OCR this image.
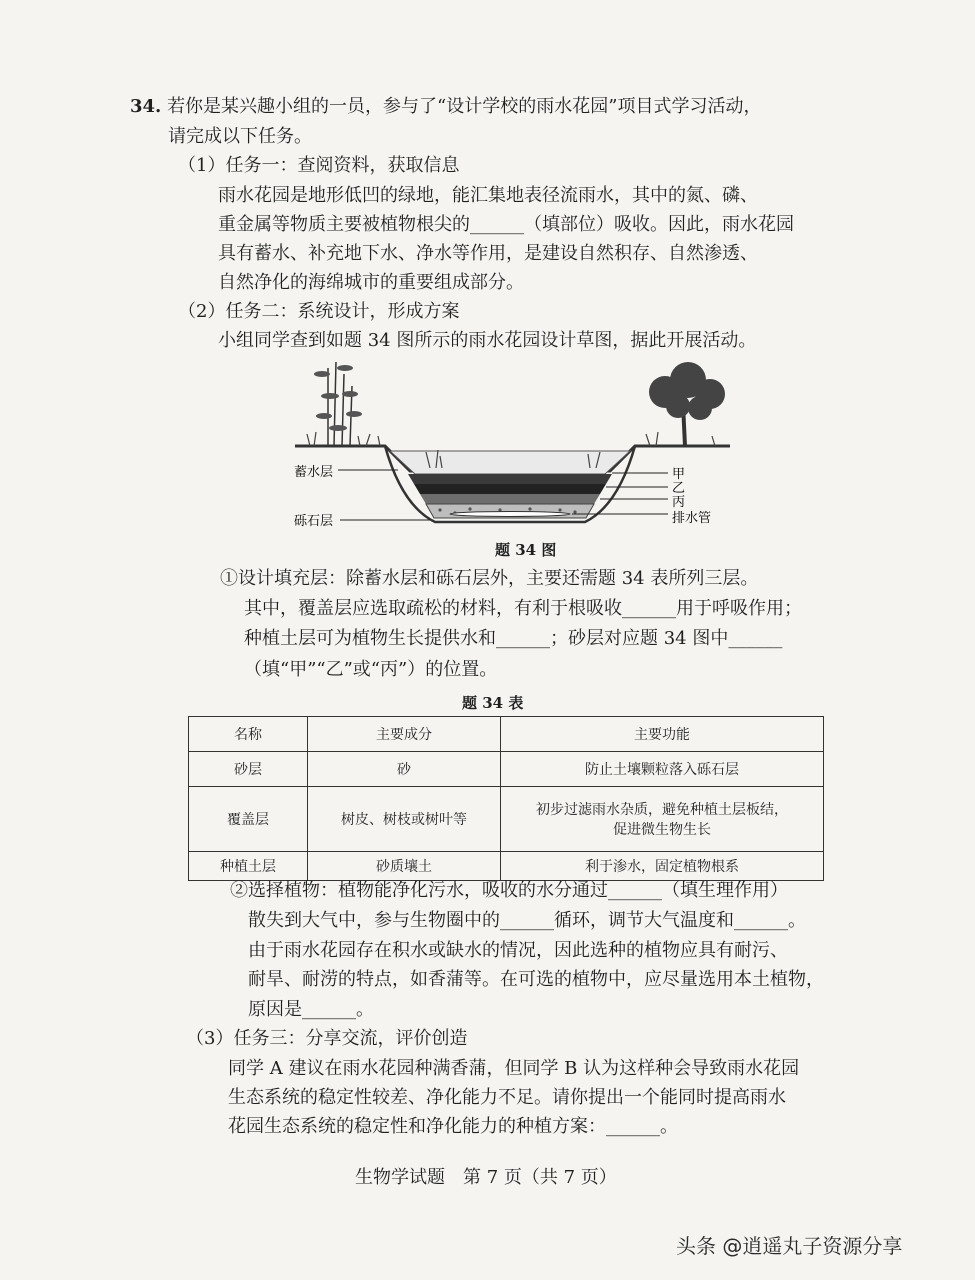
34. 若你是某兴趣小组的一员，参与了“设计学校的雨水花园”项目式学习活动，
请完成以下任务。
（1）任务一：查阅资料，获取信息
雨水花园是地形低凹的绿地，能汇集地表径流雨水，其中的氮、磷、
重金属等物质主要被植物根尖的______（填部位）吸收。因此，雨水花园
具有蓄水、补充地下水、净水等作用，是建设自然积存、自然渗透、
自然净化的海绵城市的重要组成部分。
（2）任务二：系统设计，形成方案
小组同学查到如题 34 图所示的雨水花园设计草图，据此开展活动。
蓄水层
砾石层
甲
乙
丙
排水管
题 34 图
①设计填充层：除蓄水层和砾石层外，主要还需题 34 表所列三层。
其中，覆盖层应选取疏松的材料，有利于根吸收______用于呼吸作用；
种植土层可为植物生长提供水和______；砂层对应题 34 图中______
（填“甲”“乙”或“丙”）的位置。
题 34 表
名称	主要成分	主要功能
砂层	砂	防止土壤颗粒落入砾石层
覆盖层	树皮、树枝或树叶等	初步过滤雨水杂质，避免种植土层板结，
促进微生物生长

种植土层	砂质壤土	利于渗水，固定植物根系
②选择植物：植物能净化污水，吸收的水分通过______（填生理作用）
散失到大气中，参与生物圈中的______循环，调节大气温度和______。
由于雨水花园存在积水或缺水的情况，因此选种的植物应具有耐污、
耐旱、耐涝的特点，如香蒲等。在可选的植物中，应尽量选用本土植物，
原因是______。
（3）任务三：分享交流，评价创造
同学 A 建议在雨水花园种满香蒲，但同学 B 认为这样种会导致雨水花园
生态系统的稳定性较差、净化能力不足。请你提出一个能同时提高雨水
花园生态系统的稳定性和净化能力的种植方案：______。
生物学试题　第 7 页（共 7 页）
头条 @逍遥丸子资源分享
